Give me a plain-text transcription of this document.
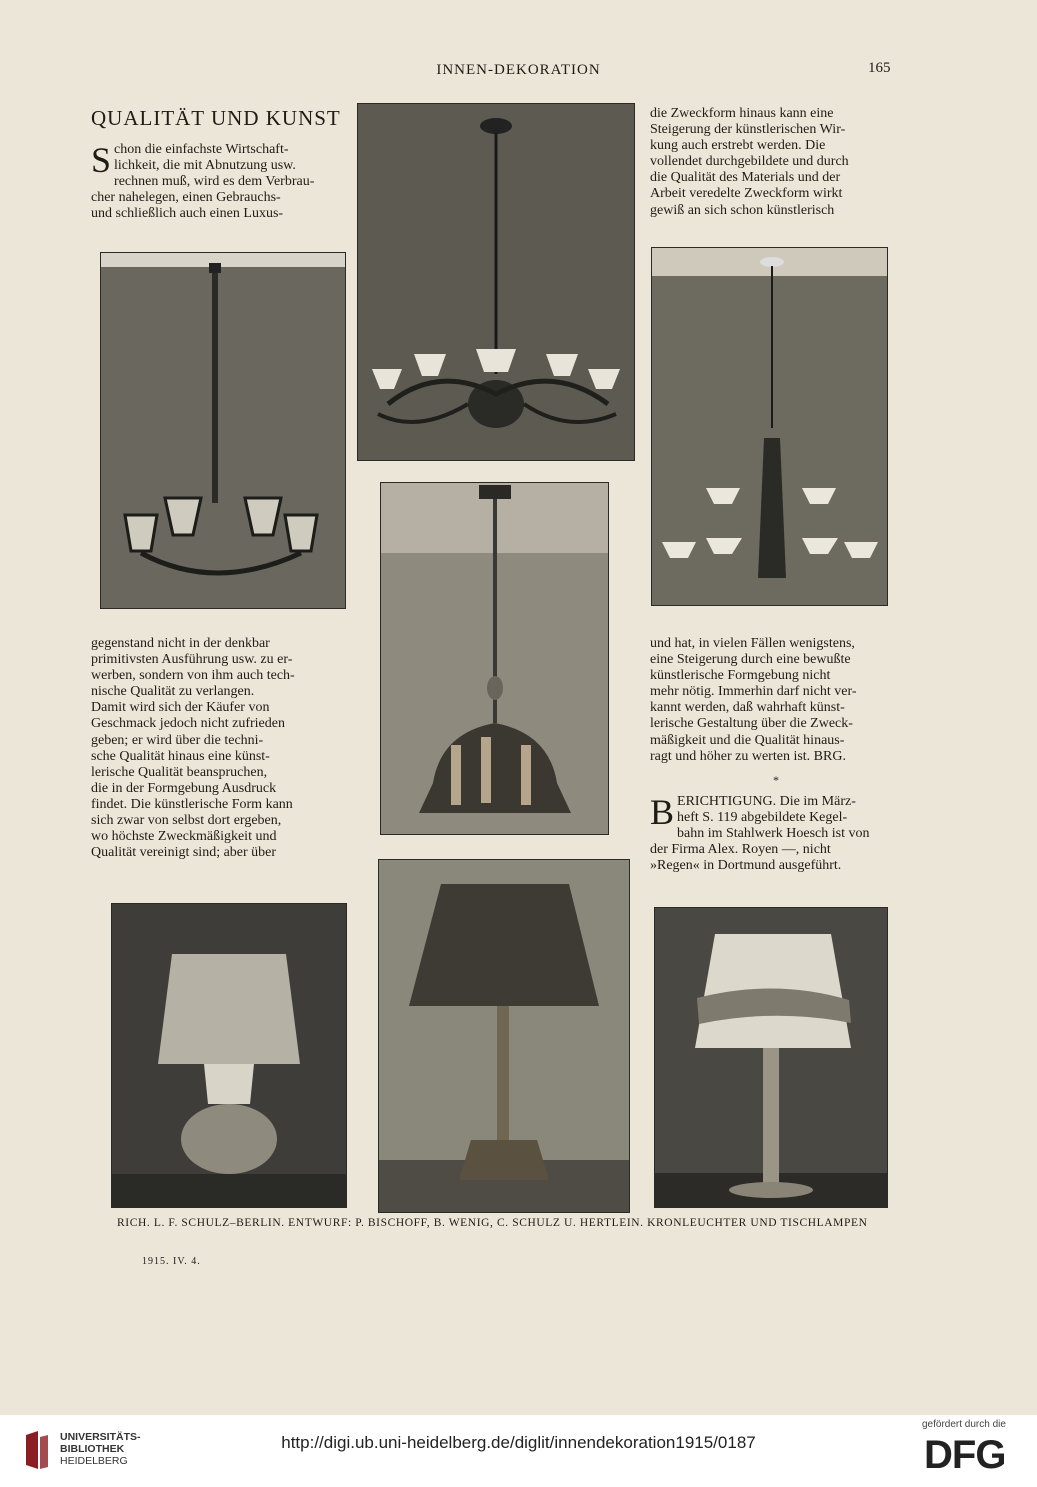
INNEN-DEKORATION	165
QUALITÄT UND KUNST
S chon die einfachste Wirtschaft-

lichkeit, die mit Abnutzung usw.

rechnen muß, wird es dem Verbrau-

cher nahelegen, einen Gebrauchs-

und schließlich auch einen Luxus-

die Zweckform hinaus kann eine

Steigerung der künstlerischen Wir-

kung auch erstrebt werden. Die

vollendet durchgebildete und durch

die Qualität des Materials und der

Arbeit veredelte Zweckform wirkt

gewiß an sich schon künstlerisch

gegenstand nicht in der denkbar

primitivsten Ausführung usw. zu er-

werben, sondern von ihm auch tech-

nische Qualität zu verlangen.

Damit wird sich der Käufer von

Geschmack jedoch nicht zufrieden

geben; er wird über die techni-

sche Qualität hinaus eine künst-

lerische Qualität beanspruchen,

die in der Formgebung Ausdruck

findet. Die künstlerische Form kann

sich zwar von selbst dort ergeben,

wo höchste Zweckmäßigkeit und

Qualität vereinigt sind; aber über

und hat, in vielen Fällen wenigstens,

eine Steigerung durch eine bewußte

künstlerische Formgebung nicht

mehr nötig. Immerhin darf nicht ver-

kannt werden, daß wahrhaft künst-

lerische Gestaltung über die Zweck-

mäßigkeit und die Qualität hinaus-

ragt und höher zu werten ist. BRG.

*
B ERICHTIGUNG. Die im März-

heft S. 119 abgebildete Kegel-

bahn im Stahlwerk Hoesch ist von

der Firma Alex. Royen —, nicht

»Regen« in Dortmund ausgeführt.

RICH. L. F. SCHULZ–BERLIN. ENTWURF: P. BISCHOFF, B. WENIG, C. SCHULZ U. HERTLEIN. KRONLEUCHTER UND TISCHLAMPEN
1915. IV. 4.
UNIVERSITÄTS-
BIBLIOTHEK
HEIDELBERG
http://digi.ub.uni-heidelberg.de/diglit/innendekoration1915/0187
gefördert durch die
DFG
